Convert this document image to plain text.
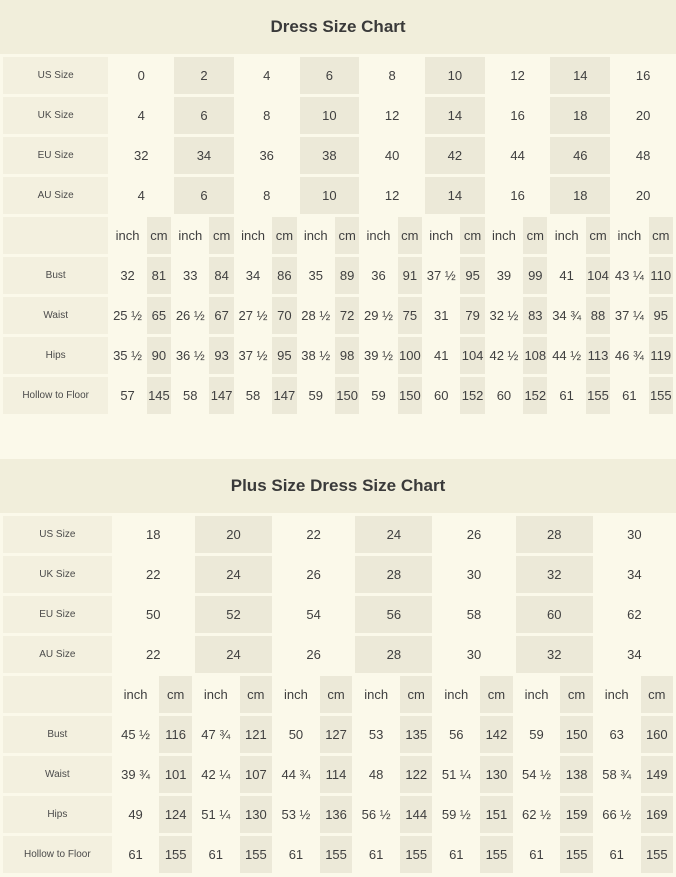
Dress Size Chart
US Size	0		2		4		6		8		10		12		14		16	
UK Size	4		6		8		10		12		14		16		18		20	
EU Size	32		34		36		38		40		42		44		46		48	
AU Size	4		6		8		10		12		14		16		18		20	
	inch	cm	inch	cm	inch	cm	inch	cm	inch	cm	inch	cm	inch	cm	inch	cm	inch	cm
Bust	32	81	33	84	34	86	35	89	36	91	37 ½	95	39	99	41	104	43 ¼	110
Waist	25 ½	65	26 ½	67	27 ½	70	28 ½	72	29 ½	75	31	79	32 ½	83	34 ¾	88	37 ¼	95
Hips	35 ½	90	36 ½	93	37 ½	95	38 ½	98	39 ½	100	41	104	42 ½	108	44 ½	113	46 ¾	119
Hollow to Floor	57	145	58	147	58	147	59	150	59	150	60	152	60	152	61	155	61	155
Plus Size Dress Size Chart
US Size	18		20		22		24		26		28		30	
UK Size	22		24		26		28		30		32		34	
EU Size	50		52		54		56		58		60		62	
AU Size	22		24		26		28		30		32		34	
	inch	cm	inch	cm	inch	cm	inch	cm	inch	cm	inch	cm	inch	cm
Bust	45 ½	116	47 ¾	121	50	127	53	135	56	142	59	150	63	160
Waist	39 ¾	101	42 ¼	107	44 ¾	114	48	122	51 ¼	130	54 ½	138	58 ¾	149
Hips	49	124	51 ¼	130	53 ½	136	56 ½	144	59 ½	151	62 ½	159	66 ½	169
Hollow to Floor	61	155	61	155	61	155	61	155	61	155	61	155	61	155
